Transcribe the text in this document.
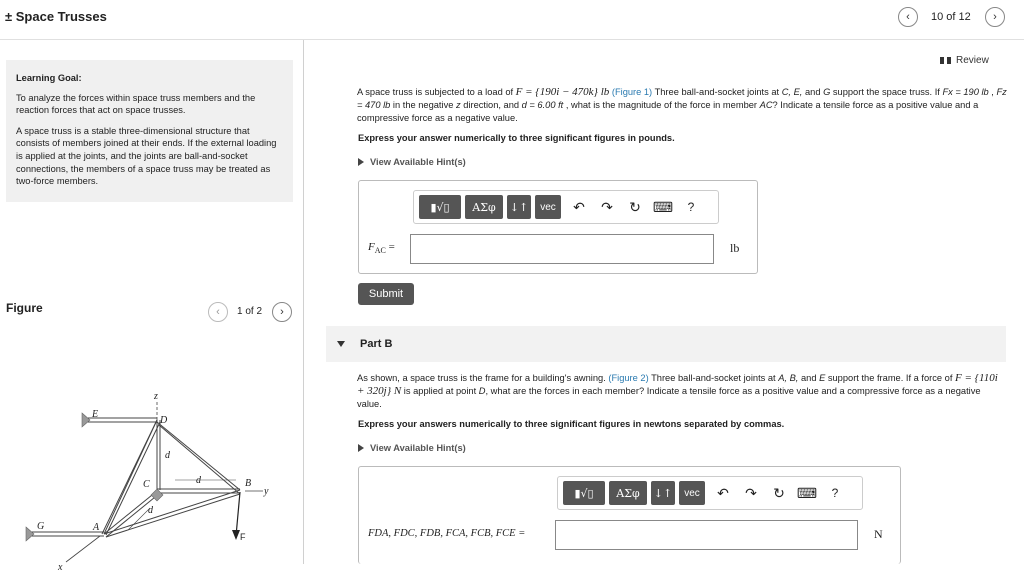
± Space Trusses	‹ 10 of 12 ›
Learning Goal:

To analyze the forces within space truss members and the reaction forces that act on space trusses.

A space truss is a stable three-dimensional structure that consists of members joined at their ends. If the external loading is applied at the joints, and the joints are ball-and-socket connections, the members of a space truss may be treated as two-force members.

Figure	‹ 1 of 2 ›
z
E
D
d
C	d	B
y
d
G	A
F
x
Review
A space truss is subjected to a load of F = {190i − 470k} lb (Figure 1) Three ball-and-socket joints at C, E, and G support the space truss. If Fx = 190 lb , Fz = 470 lb in the negative z direction, and d = 6.00 ft , what is the magnitude of the force in member AC? Indicate a tensile force as a positive value and a compressive force as a negative value.
Express your answer numerically to three significant figures in pounds.
View Available Hint(s)
▮√▯	ΑΣφ	↓↑	vec	↶ ↷ ↻ ⌨	?
$F_{AC}$ =	lb
Submit
Part B
As shown, a space truss is the frame for a building's awning. (Figure 2) Three ball-and-socket joints at A, B, and E support the frame. If a force of F = {110i + 320j} N is applied at point D, what are the forces in each member? Indicate a tensile force as a positive value and a compressive force as a negative value.
Express your answers numerically to three significant figures in newtons separated by commas.
View Available Hint(s)
▮√▯	ΑΣφ	↓↑	vec	↶ ↷ ↻ ⌨	?
FDA, FDC, FDB, FCA, FCB, FCE =	N
